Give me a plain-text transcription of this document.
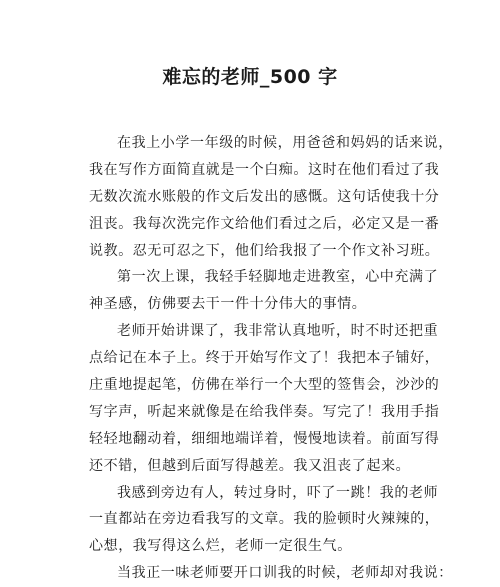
难忘的老师_500 字
在我上小学一年级的时候，用爸爸和妈妈的话来说，
我在写作方面简直就是一个白痴。这时在他们看过了我
无数次流水账般的作文后发出的感慨。这句话使我十分
沮丧。我每次洗完作文给他们看过之后，必定又是一番
说教。忍无可忍之下，他们给我报了一个作文补习班。
第一次上课，我轻手轻脚地走进教室，心中充满了
神圣感，仿佛要去干一件十分伟大的事情。
老师开始讲课了，我非常认真地听，时不时还把重
点给记在本子上。终于开始写作文了！我把本子铺好，
庄重地提起笔，仿佛在举行一个大型的签售会，沙沙的
写字声，听起来就像是在给我伴奏。写完了！我用手指
轻轻地翻动着，细细地端详着，慢慢地读着。前面写得
还不错，但越到后面写得越差。我又沮丧了起来。
我感到旁边有人，转过身时，吓了一跳！我的老师
一直都站在旁边看我写的文章。我的脸顿时火辣辣的，
心想，我写得这么烂，老师一定很生气。
当我正一味老师要开口训我的时候，老师却对我说：
